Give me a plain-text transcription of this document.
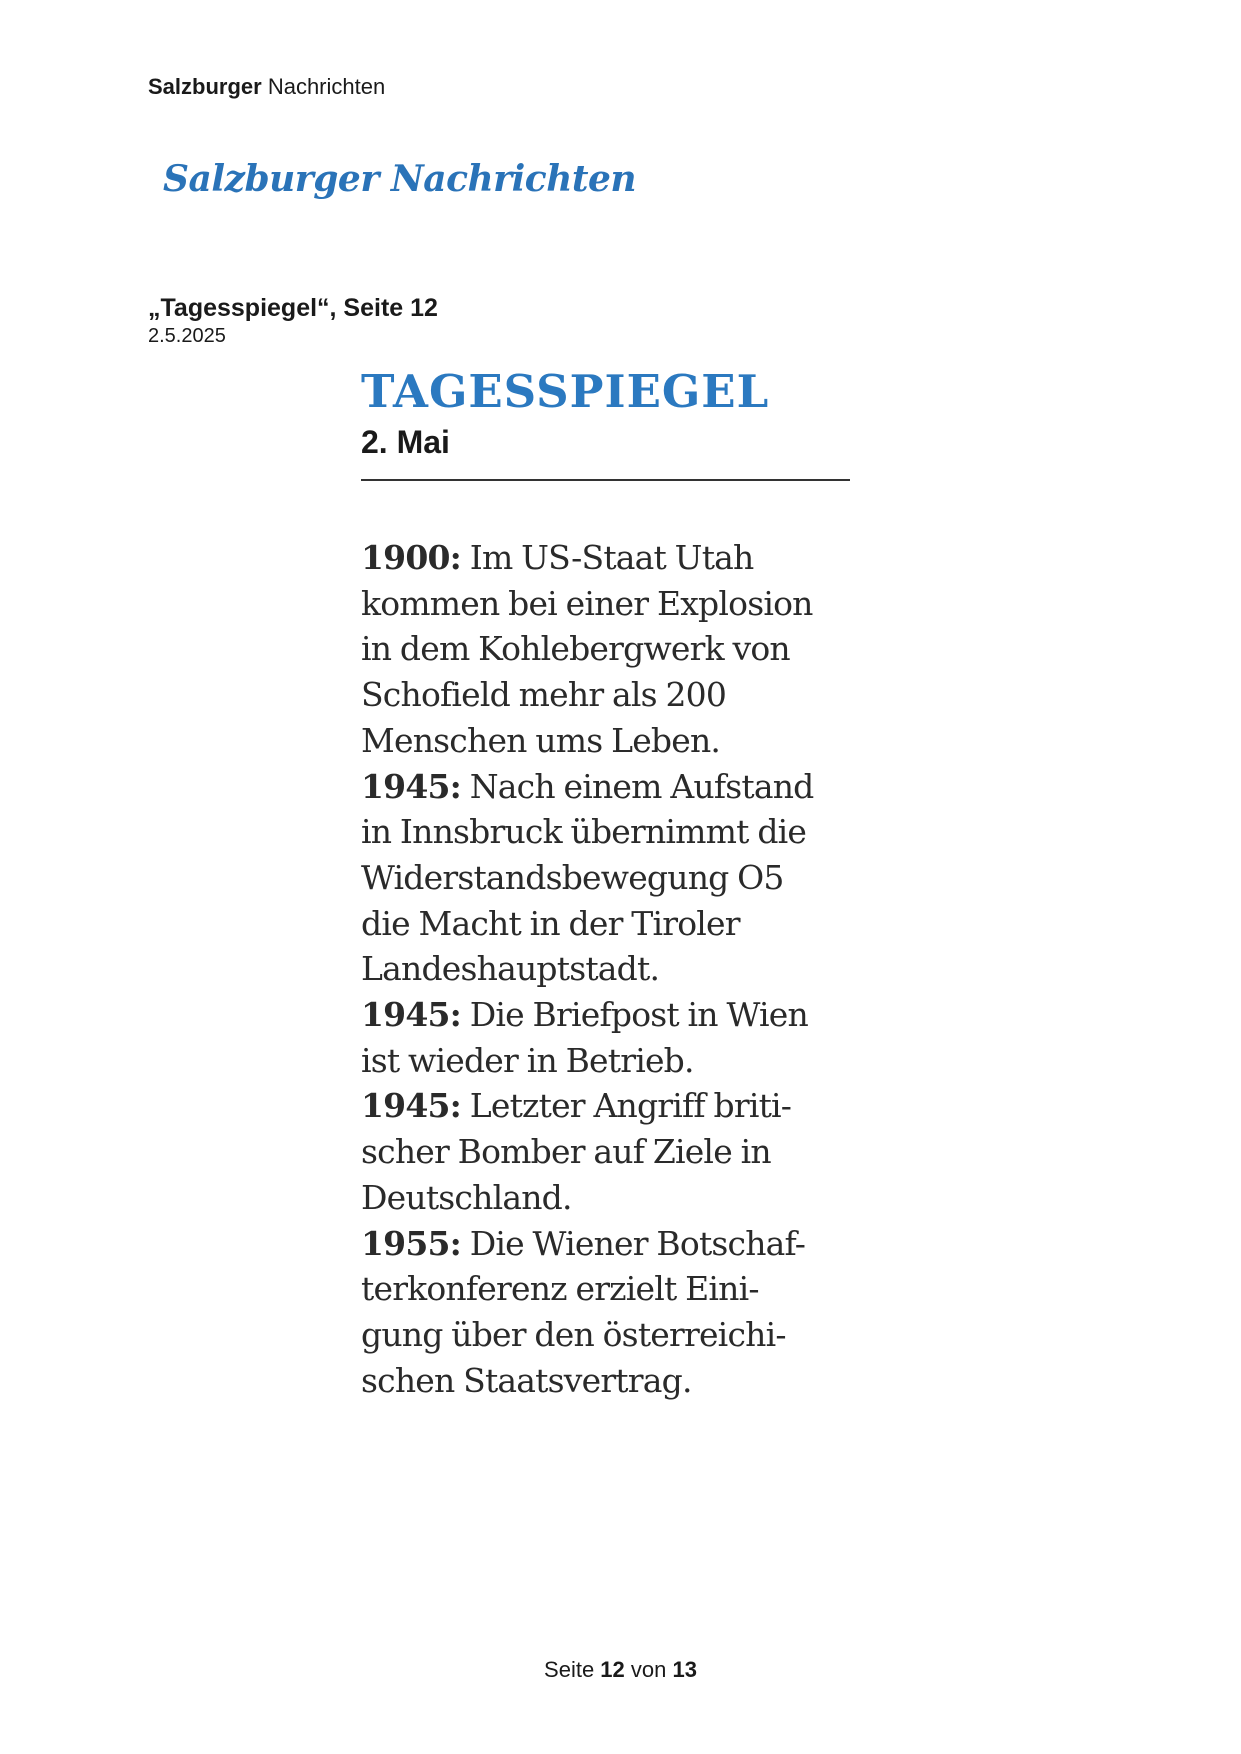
Salzburger Nachrichten
Salzburger Nachrichten
„Tagesspiegel“, Seite 12
2.5.2025
TAGESSPIEGEL
2. Mai
1900: Im US-Staat Utah
kommen bei einer Explosion
in dem Kohlebergwerk von
Schofield mehr als 200
Menschen ums Leben.
1945: Nach einem Aufstand
in Innsbruck übernimmt die
Widerstandsbewegung O5
die Macht in der Tiroler
Landeshauptstadt.
1945: Die Briefpost in Wien
ist wieder in Betrieb.
1945: Letzter Angriff briti-
scher Bomber auf Ziele in
Deutschland.
1955: Die Wiener Botschaf-
terkonferenz erzielt Eini-
gung über den österreichi-
schen Staatsvertrag.
Seite 12 von 13
